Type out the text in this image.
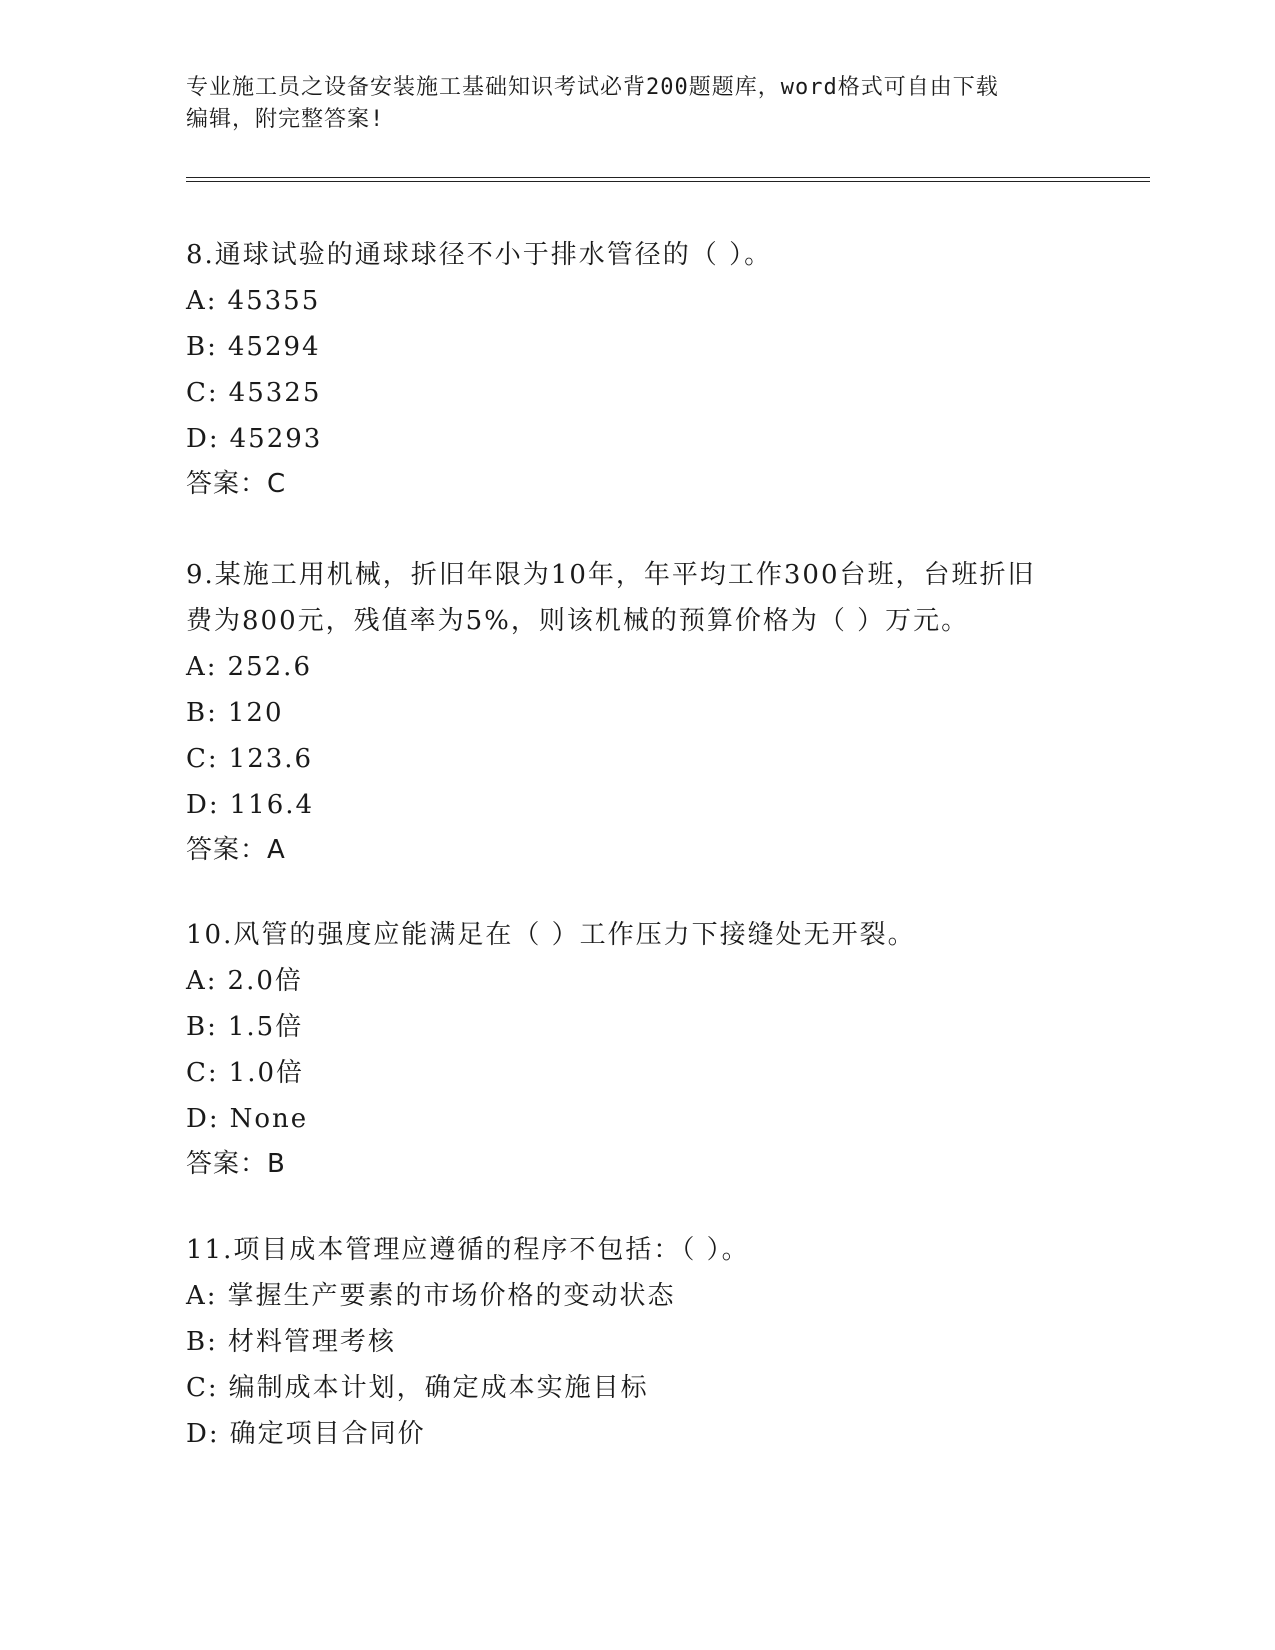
专业施工员之设备安装施工基础知识考试必背200题题库，word格式可自由下载
编辑，附完整答案!

8.通球试验的通球球径不小于排水管径的（ ）。

A: 45355

B: 45294

C: 45325

D: 45293

答案：C

9.某施工用机械，折旧年限为10年，年平均工作300台班，台班折旧

费为800元，残值率为5%，则该机械的预算价格为（ ）万元。

A: 252.6

B: 120

C: 123.6

D: 116.4

答案：A

10.风管的强度应能满足在（ ）工作压力下接缝处无开裂。

A: 2.0倍

B: 1.5倍

C: 1.0倍

D: None

答案：B

11.项目成本管理应遵循的程序不包括：（ ）。

A: 掌握生产要素的市场价格的变动状态

B: 材料管理考核

C: 编制成本计划，确定成本实施目标

D: 确定项目合同价
